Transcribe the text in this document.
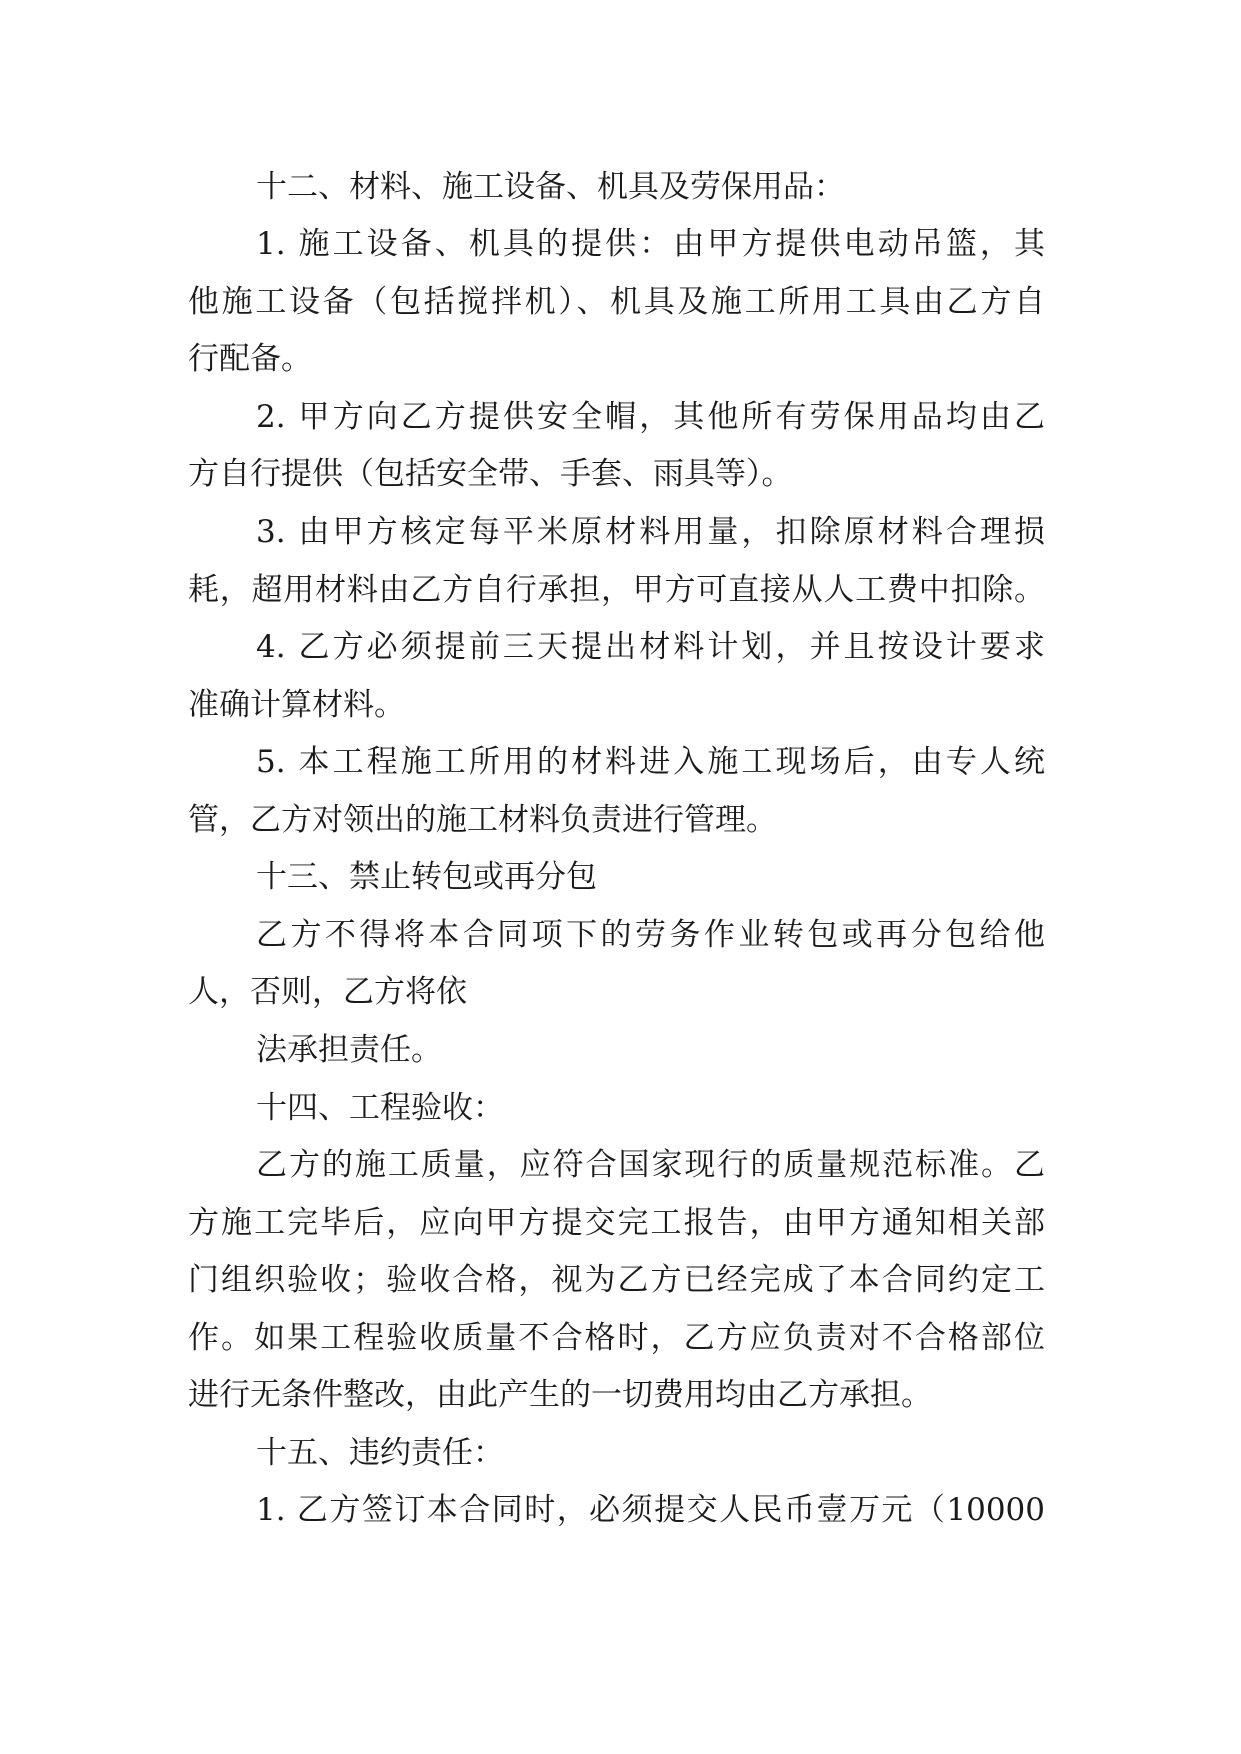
十二、材料、施工设备、机具及劳保用品：

1. 施工设备、机具的提供：由甲方提供电动吊篮，其

他施工设备（包括搅拌机）、机具及施工所用工具由乙方自

行配备。

2. 甲方向乙方提供安全帽，其他所有劳保用品均由乙

方自行提供（包括安全带、手套、雨具等）。

3. 由甲方核定每平米原材料用量，扣除原材料合理损

耗，超用材料由乙方自行承担，甲方可直接从人工费中扣除。

4. 乙方必须提前三天提出材料计划，并且按设计要求

准确计算材料。

5. 本工程施工所用的材料进入施工现场后，由专人统

管，乙方对领出的施工材料负责进行管理。

十三、禁止转包或再分包

乙方不得将本合同项下的劳务作业转包或再分包给他

人，否则，乙方将依

法承担责任。

十四、工程验收：

乙方的施工质量，应符合国家现行的质量规范标准。乙

方施工完毕后，应向甲方提交完工报告，由甲方通知相关部

门组织验收；验收合格，视为乙方已经完成了本合同约定工

作。如果工程验收质量不合格时，乙方应负责对不合格部位

进行无条件整改，由此产生的一切费用均由乙方承担。

十五、违约责任：

1. 乙方签订本合同时，必须提交人民币壹万元（10000
